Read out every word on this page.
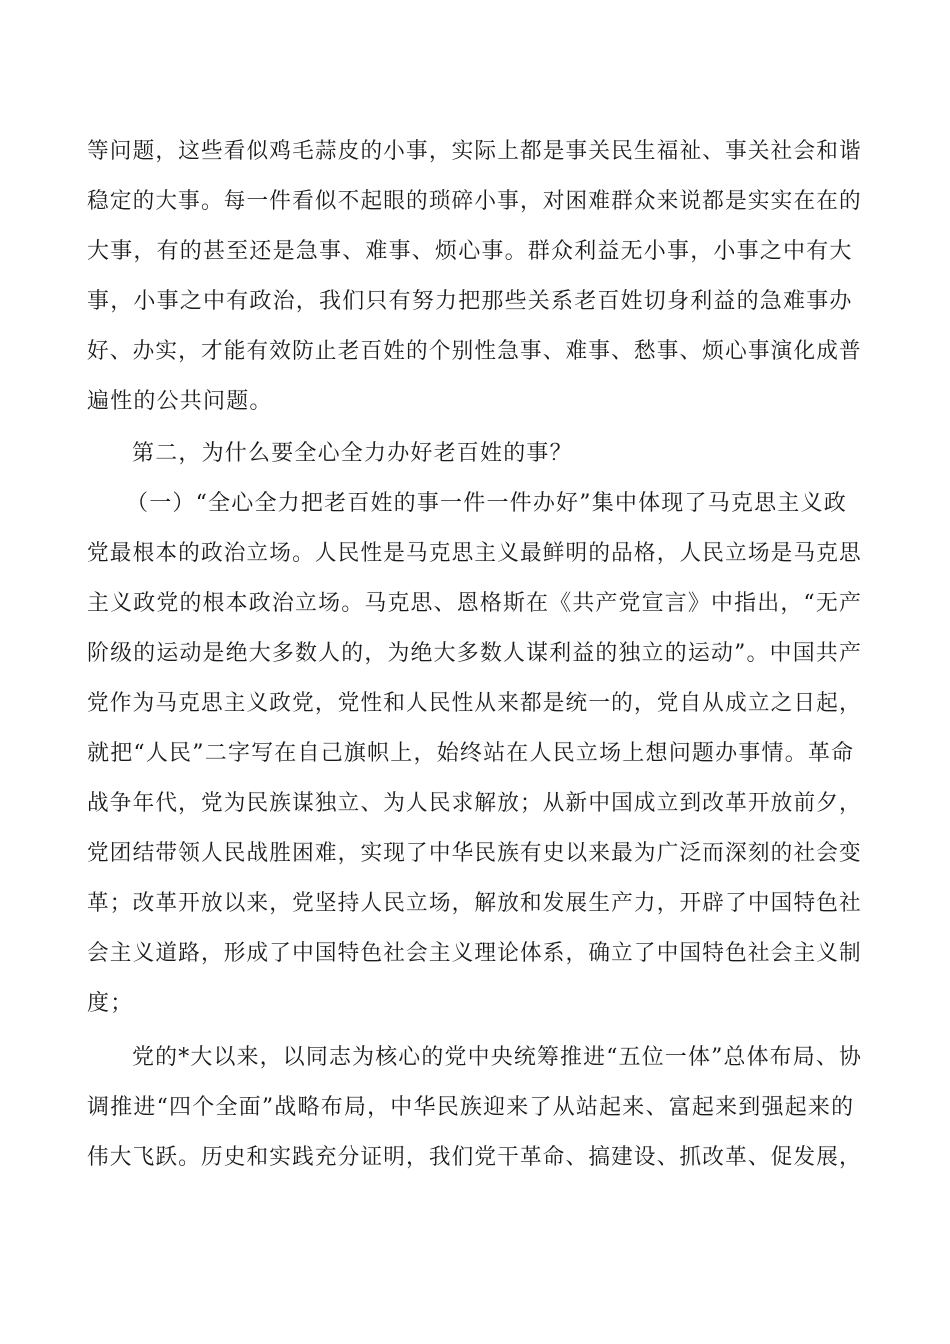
等问题，这些看似鸡毛蒜皮的小事，实际上都是事关民生福祉、事关社会和谐
稳定的大事。每一件看似不起眼的琐碎小事，对困难群众来说都是实实在在的
大事，有的甚至还是急事、难事、烦心事。群众利益无小事，小事之中有大
事，小事之中有政治，我们只有努力把那些关系老百姓切身利益的急难事办
好、办实，才能有效防止老百姓的个别性急事、难事、愁事、烦心事演化成普
遍性的公共问题。
第二，为什么要全心全力办好老百姓的事？
（一）“全心全力把老百姓的事一件一件办好”集中体现了马克思主义政
党最根本的政治立场。人民性是马克思主义最鲜明的品格，人民立场是马克思
主义政党的根本政治立场。马克思、恩格斯在《共产党宣言》中指出，“无产
阶级的运动是绝大多数人的，为绝大多数人谋利益的独立的运动”。中国共产
党作为马克思主义政党，党性和人民性从来都是统一的，党自从成立之日起，
就把“人民”二字写在自己旗帜上，始终站在人民立场上想问题办事情。革命
战争年代，党为民族谋独立、为人民求解放；从新中国成立到改革开放前夕，
党团结带领人民战胜困难，实现了中华民族有史以来最为广泛而深刻的社会变
革；改革开放以来，党坚持人民立场，解放和发展生产力，开辟了中国特色社
会主义道路，形成了中国特色社会主义理论体系，确立了中国特色社会主义制
度；
党的*大以来，以同志为核心的党中央统筹推进“五位一体”总体布局、协
调推进“四个全面”战略布局，中华民族迎来了从站起来、富起来到强起来的
伟大飞跃。历史和实践充分证明，我们党干革命、搞建设、抓改革、促发展，
